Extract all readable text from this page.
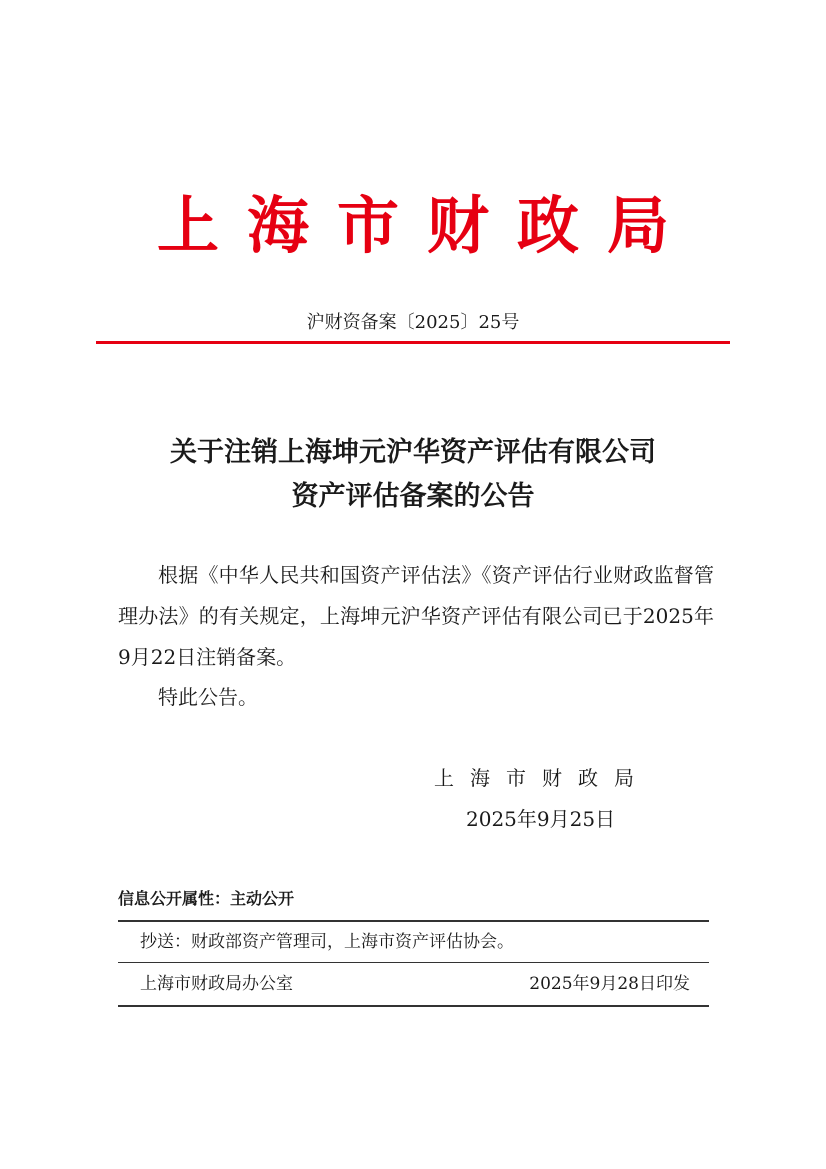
上海市财政局
沪财资备案〔2025〕25号
关于注销上海坤元沪华资产评估有限公司
资产评估备案的公告
根据《中华人民共和国资产评估法》《资产评估行业财政监督管理办法》的有关规定，上海坤元沪华资产评估有限公司已于2025年9月22日注销备案。
特此公告。
上海市财政局
2025年9月25日
信息公开属性：主动公开
抄送：财政部资产管理司，上海市资产评估协会。
上海市财政局办公室	2025年9月28日印发
